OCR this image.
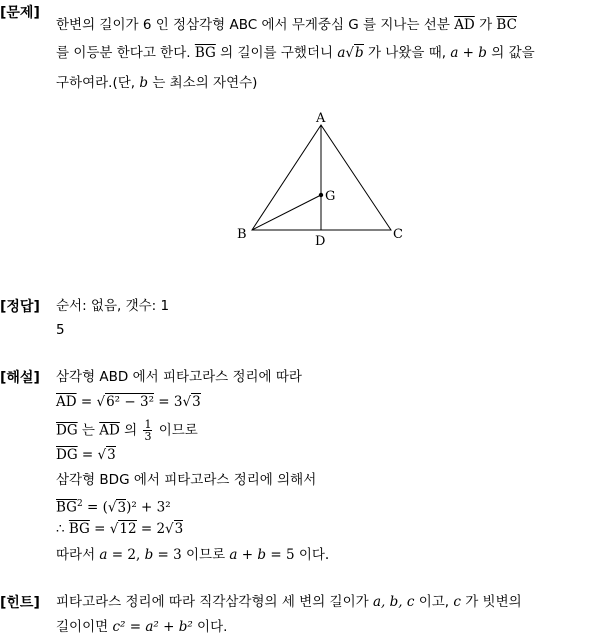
[문제]
한변의 길이가 6 인 정삼각형 ABC 에서 무게중심 G 를 지나는 선분 $\overline{AD}$ 가 $\overline{BC}$
를 이등분 한다고 한다. $\overline{BG}$ 의 길이를 구했더니 a√b 가 나왔을 때, a + b 의 값을
구하여라.(단, b 는 최소의 자연수)
A
B	C
D
G
[정답] 순서: 없음, 갯수: 1
5
[해설] 삼각형 ABD 에서 피타고라스 정리에 따라
$\overline{AD} = √6^2 - 3^2 = 3√3$
$\overline{DG}$ 는 $\overline{AD}$ 의 $\frac{1}{3}$ 이므로
$\overline{DG} = √3$
삼각형 BDG 에서 피타고라스 정리에 의해서
$\overline{BG}^2 = (√3)^2 + 3^2$
∴ $\overline{BG} = √12 = 2√3$
따라서 a = 2, b = 3 이므로 a + b = 5 이다.
[힌트] 피타고라스 정리에 따라 직각삼각형의 세 변의 길이가 a, b, c 이고, c 가 빗변의
길이이면 c² = a² + b² 이다.
